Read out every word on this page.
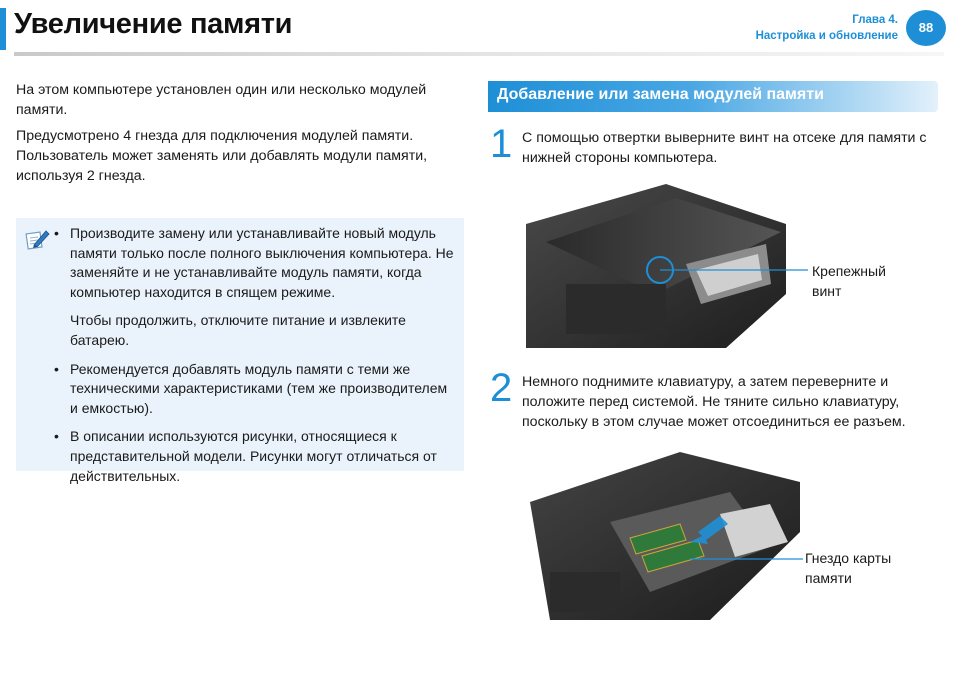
Увеличение памяти	Глава 4.
Настройка и обновление
88

На этом компьютере установлен один или несколько модулей памяти.

Предусмотрено 4 гнезда для подключения модулей памяти. Пользователь может заменять или добавлять модули памяти, используя 2 гнезда.

• Производите замену или устанавливайте новый модуль памяти только после полного выключения компьютера. Не заменяйте и не устанавливайте модуль памяти, когда компьютер находится в спящем режиме.

Чтобы продолжить, отключите питание и извлеките батарею.

• Рекомендуется добавлять модуль памяти с теми же техническими характеристиками (тем же производителем и емкостью).

• В описании используются рисунки, относящиеся к представительной модели. Рисунки могут отличаться от действительных.

Добавление или замена модулей памяти
1 С помощью отвертки выверните винт на отсеке для памяти с нижней стороны компьютера.

Крепежный
винт
2 Немного поднимите клавиатуру, а затем переверните и положите перед системой. Не тяните сильно клавиатуру, поскольку в этом случае может отсоединиться ее разъем.

Гнездо карты
памяти
